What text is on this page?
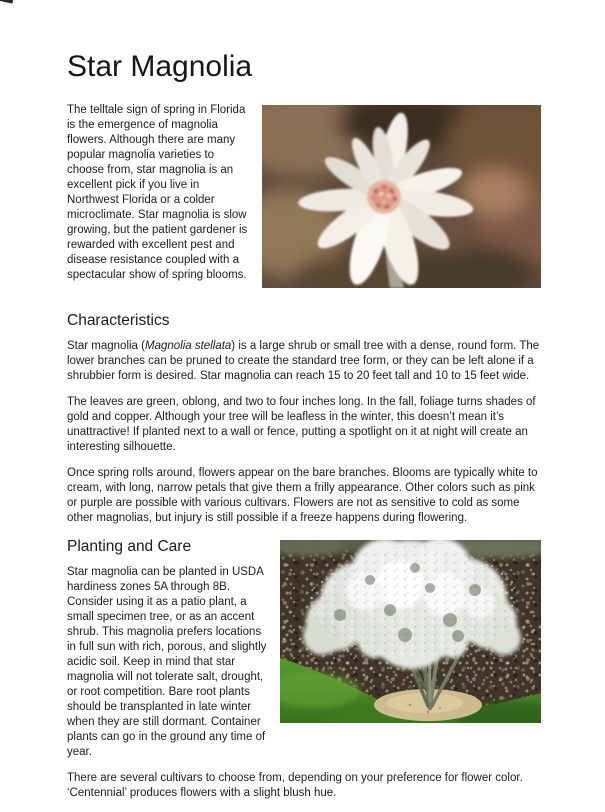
Star Magnolia

The telltale sign of spring in Florida is the emergence of magnolia flowers. Although there are many popular magnolia varieties to choose from, star magnolia is an excellent pick if you live in Northwest Florida or a colder microclimate. Star magnolia is slow growing, but the patient gardener is rewarded with excellent pest and disease resistance coupled with a spectacular show of spring blooms.

Characteristics

Star magnolia (Magnolia stellata) is a large shrub or small tree with a dense, round form. The lower branches can be pruned to create the standard tree form, or they can be left alone if a shrubbier form is desired. Star magnolia can reach 15 to 20 feet tall and 10 to 15 feet wide.

The leaves are green, oblong, and two to four inches long. In the fall, foliage turns shades of gold and copper. Although your tree will be leafless in the winter, this doesn’t mean it’s unattractive! If planted next to a wall or fence, putting a spotlight on it at night will create an interesting silhouette.

Once spring rolls around, flowers appear on the bare branches. Blooms are typically white to cream, with long, narrow petals that give them a frilly appearance. Other colors such as pink or purple are possible with various cultivars. Flowers are not as sensitive to cold as some other magnolias, but injury is still possible if a freeze happens during flowering.

Planting and Care

Star magnolia can be planted in USDA hardiness zones 5A through 8B. Consider using it as a patio plant, a small specimen tree, or as an accent shrub. This magnolia prefers locations in full sun with rich, porous, and slightly acidic soil. Keep in mind that star magnolia will not tolerate salt, drought, or root competition. Bare root plants should be transplanted in late winter when they are still dormant. Container plants can go in the ground any time of year.

There are several cultivars to choose from, depending on your preference for flower color. ‘Centennial’ produces flowers with a slight blush hue.
